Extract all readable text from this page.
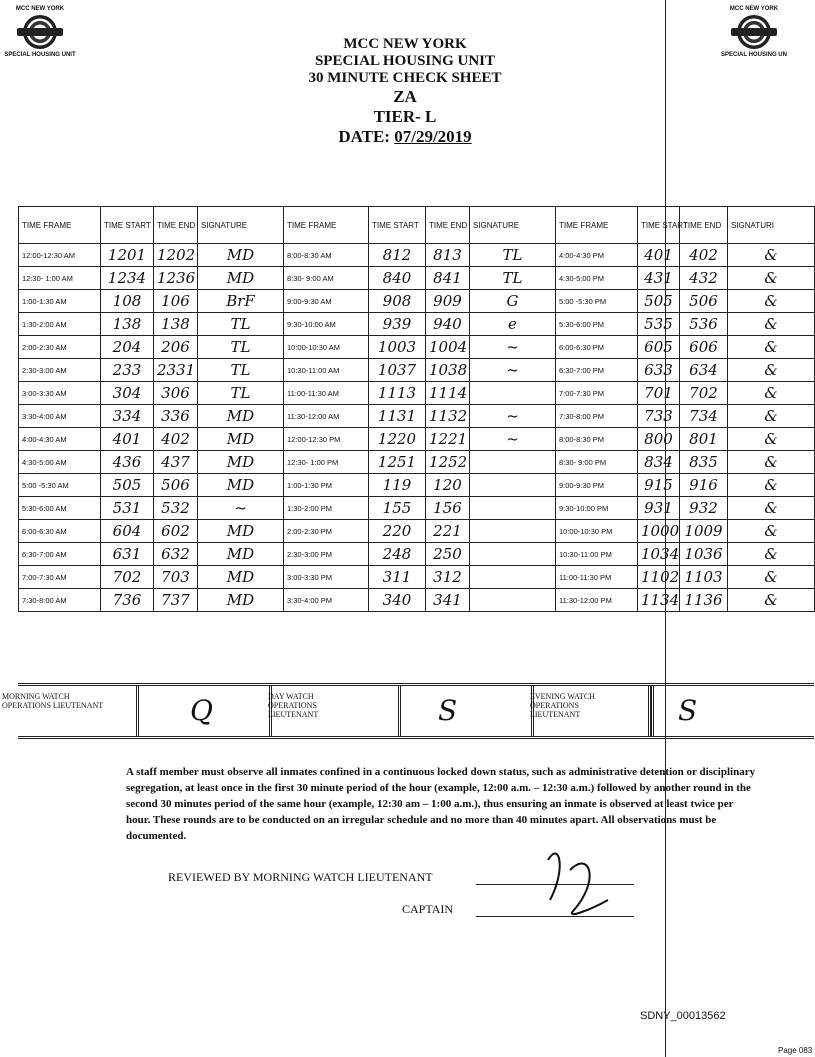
MCC NEW YORK
SPECIAL HOUSING UNIT
MCC NEW YORK
SPECIAL HOUSING UN
MCC NEW YORK
SPECIAL HOUSING UNIT
30 MINUTE CHECK SHEET
ZA
TIER- L
DATE: 07/29/2019
TIME FRAME	TIME START	TIME END	SIGNATURE	TIME FRAME	TIME START	TIME END	SIGNATURE	TIME FRAME	TIME START	TIME END	SIGNATURI
12:00-12:30 AM	1201	1202	MD	8:00-8:30 AM	812	813	TL	4:00-4:30 PM	401	402	&
12:30- 1:00 AM	1234	1236	MD	8:30- 9:00 AM	840	841	TL	4:30-5:00 PM	431	432	&
1:00-1:30 AM	108	106	BrF	9:00-9:30 AM	908	909	G	5:00 -5:30 PM	505	506	&
1:30-2:00 AM	138	138	TL	9:30-10:00 AM	939	940	e	5:30-6:00 PM	535	536	&
2:00-2:30 AM	204	206	TL	10:00-10:30 AM	1003	1004	~	6:00-6:30 PM	605	606	&
2:30-3:00 AM	233	2331	TL	10:30-11:00 AM	1037	1038	~	6:30-7:00 PM	633	634	&
3:00-3:30 AM	304	306	TL	11:00-11:30 AM	1113	1114		7:00-7:30 PM	701	702	&
3:30-4:00 AM	334	336	MD	11:30-12:00 AM	1131	1132	~	7:30-8:00 PM	733	734	&
4:00-4:30 AM	401	402	MD	12:00-12:30 PM	1220	1221	~	8:00-8:30 PM	800	801	&
4:30-5:00 AM	436	437	MD	12:30- 1:00 PM	1251	1252		8:30- 9:00 PM	834	835	&
5:00 -5:30 AM	505	506	MD	1:00-1:30 PM	119	120		9:00-9:30 PM	915	916	&
5:30-6:00 AM	531	532	~	1:30-2:00 PM	155	156		9:30-10:00 PM	931	932	&
6:00-6:30 AM	604	602	MD	2:00-2:30 PM	220	221		10:00-10:30 PM	1000	1009	&
6:30-7:00 AM	631	632	MD	2:30-3:00 PM	248	250		10:30-11:00 PM	1034	1036	&
7:00-7:30 AM	702	703	MD	3:00-3:30 PM	311	312		11:00-11:30 PM	1102	1103	&
7:30-8:00 AM	736	737	MD	3:30-4:00 PM	340	341		11:30-12:00 PM	1134	1136	&
MORNING WATCH OPERATIONS LIEUTENANT	Q	DAY WATCH OPERATIONS LIEUTENANT	S	EVENING WATCH OPERATIONS LIEUTENANT	S
A staff member must observe all inmates confined in a continuous locked down status, such as administrative detention or disciplinary segregation, at least once in the first 30 minute period of the hour (example, 12:00 a.m. – 12:30 a.m.) followed by another round in the second 30 minutes period of the same hour (example, 12:30 am – 1:00 a.m.), thus ensuring an inmate is observed at least twice per hour. These rounds are to be conducted on an irregular schedule and no more than 40 minutes apart. All observations must be documented.
REVIEWED BY MORNING WATCH LIEUTENANT
CAPTAIN
SDNY_00013562
Page 083
